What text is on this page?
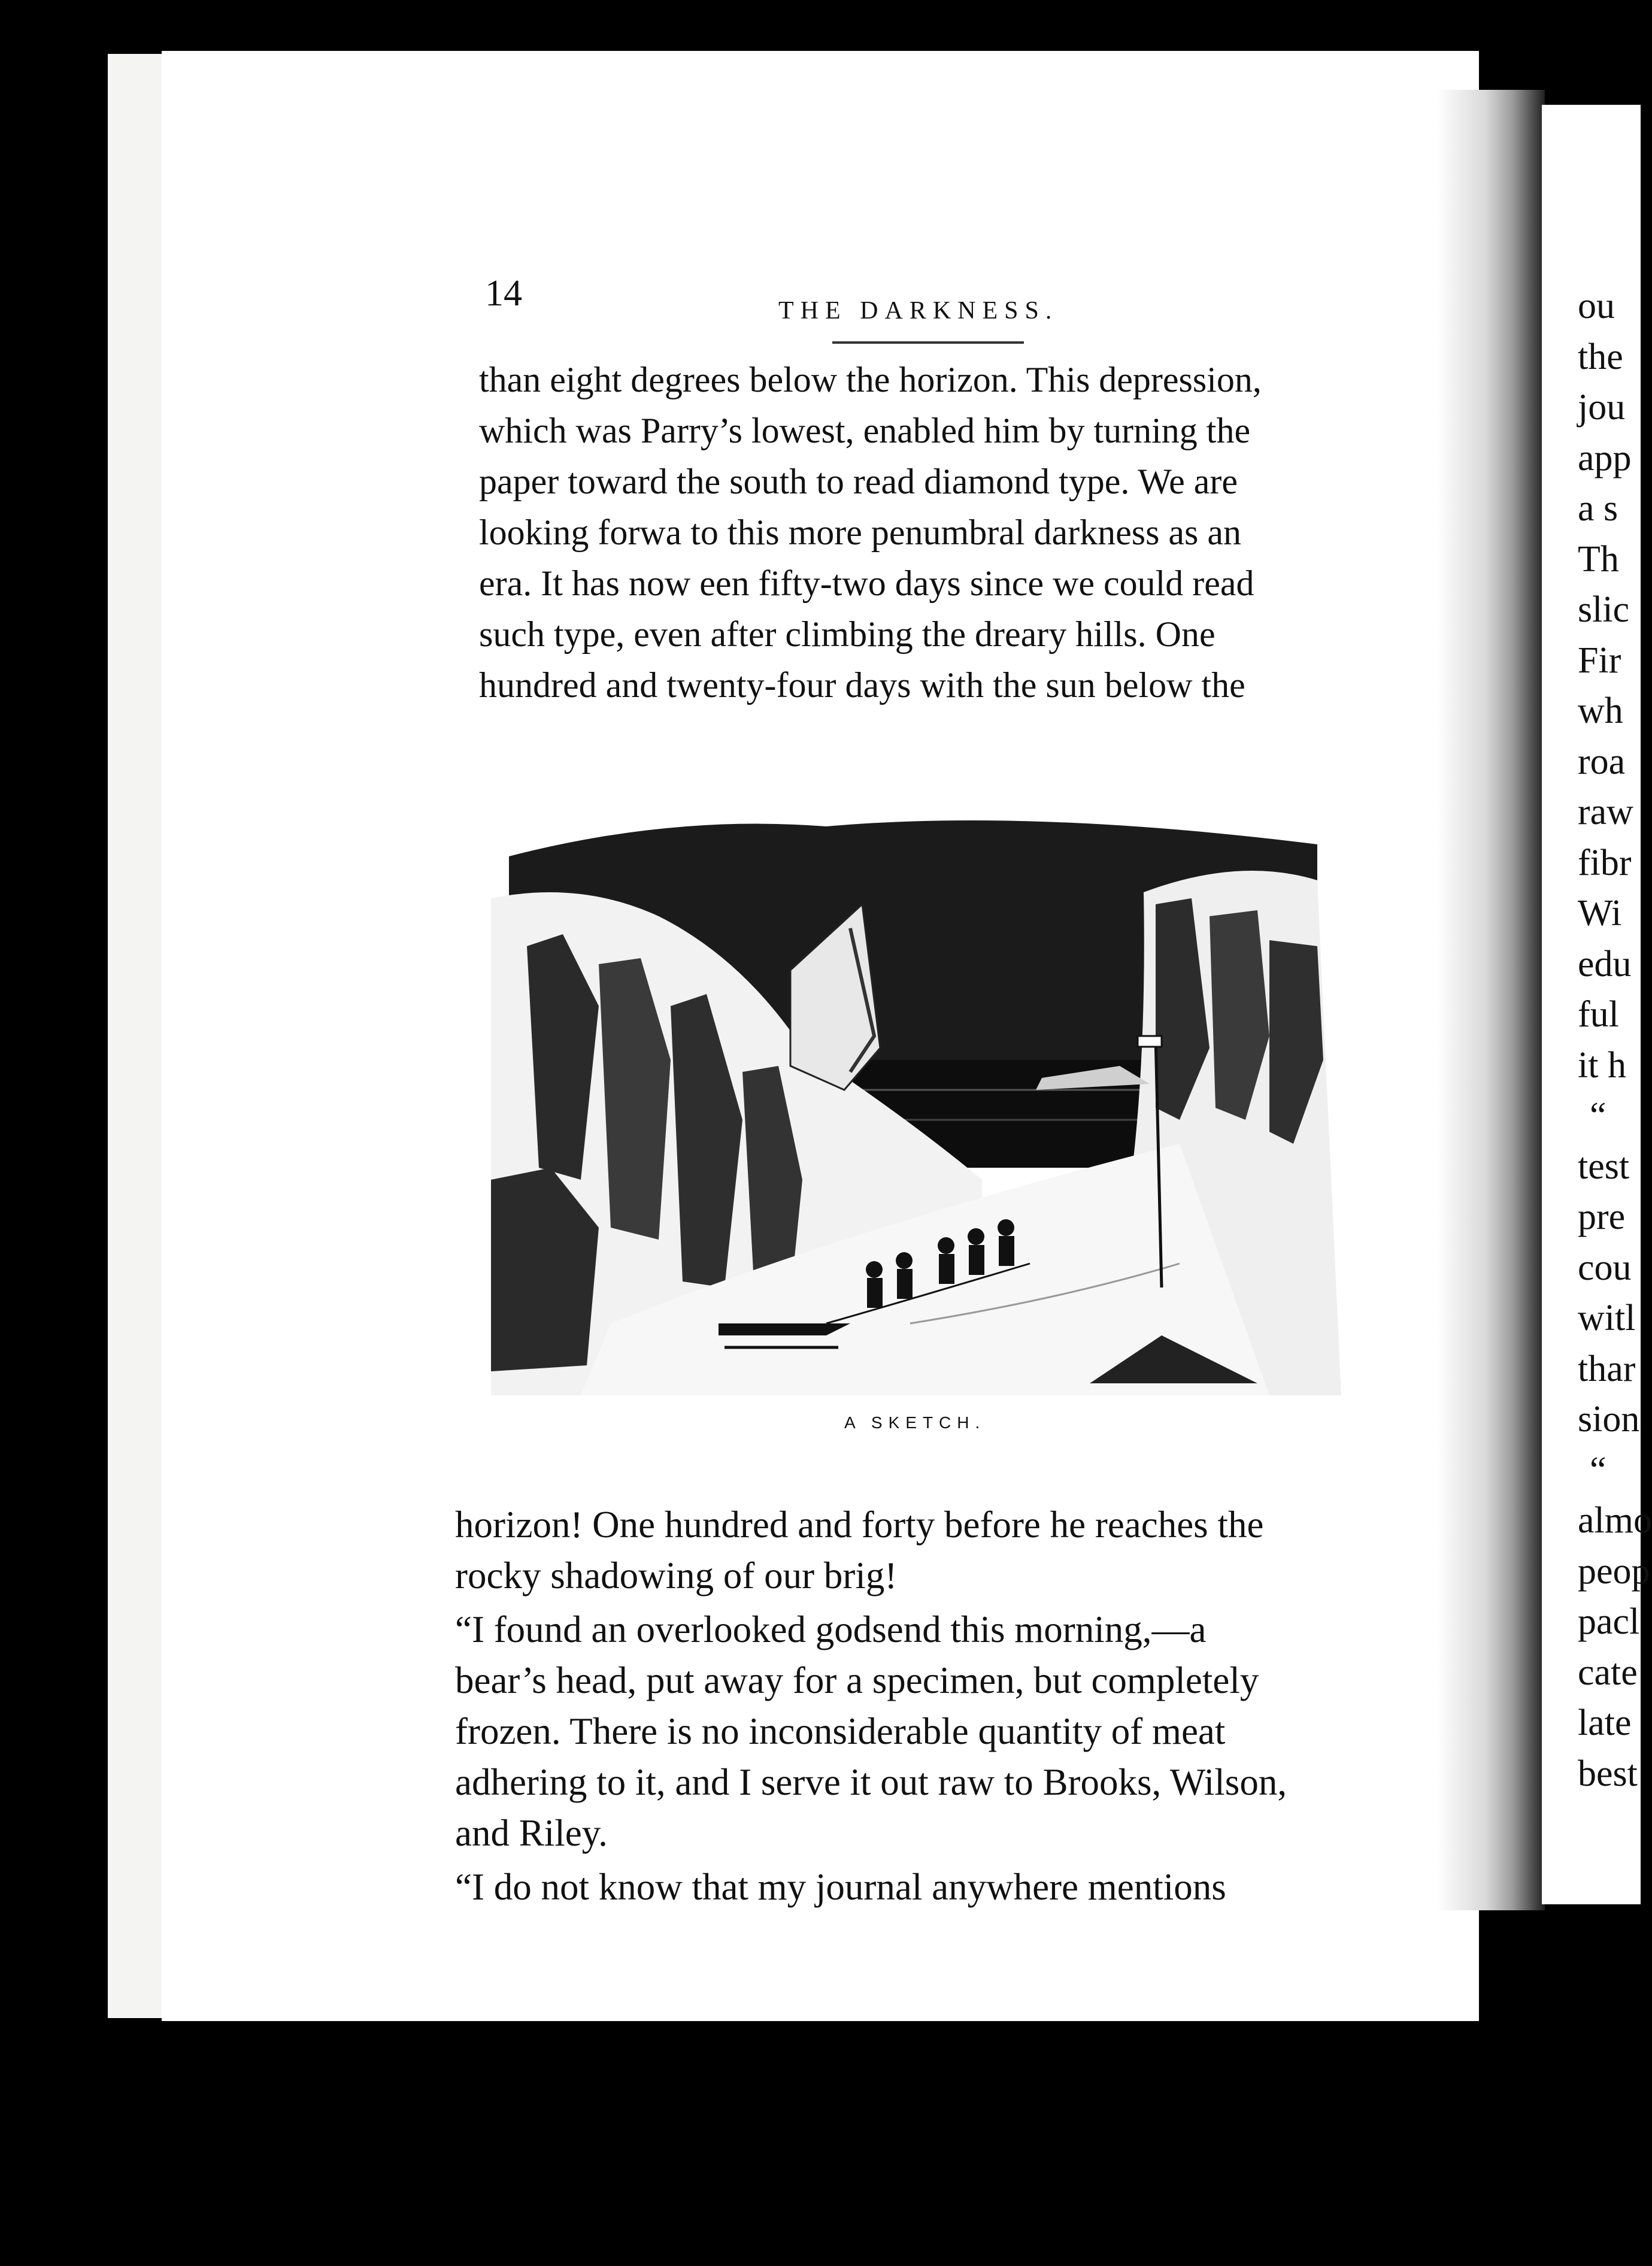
ou
the
jou
app
a s
Th
slic
Fir
wh
roa
raw
fibr
Wi
edu
ful
it h
“
test
pre
cou
witl
thar
sion
“
almo
peop
pacl
cate
late
best
14	THE DARKNESS.
than eight degrees below the horizon. This depression,
which was Parry’s lowest, enabled him by turning the
paper toward the south to read diamond type. We are
looking forwa to this more penumbral darkness as an
era. It has now een fifty-two days since we could read
such type, even after climbing the dreary hills. One
hundred and twenty-four days with the sun below the
A SKETCH.
horizon! One hundred and forty before he reaches the
rocky shadowing of our brig!
“I found an overlooked godsend this morning,—a
bear’s head, put away for a specimen, but completely
frozen. There is no inconsiderable quantity of meat
adhering to it, and I serve it out raw to Brooks, Wilson,
and Riley.
“I do not know that my journal anywhere mentions
